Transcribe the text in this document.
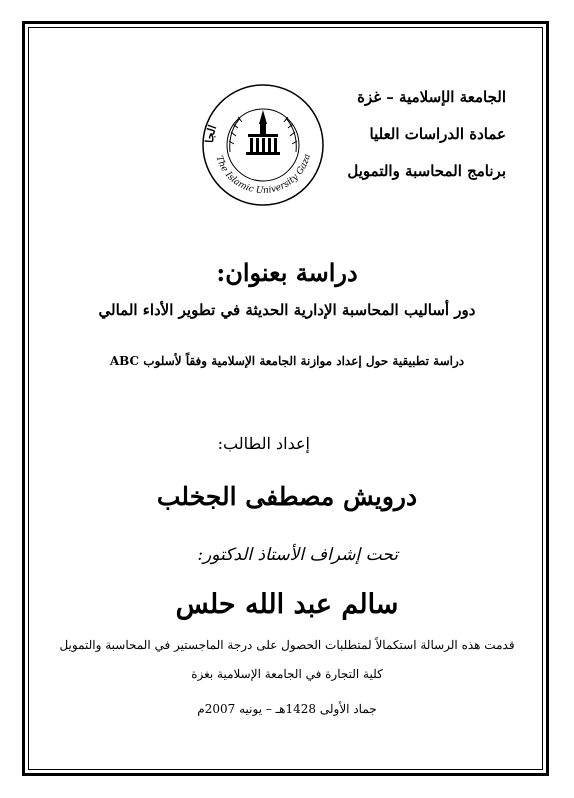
الجامعة الإسلامية – غزة
عمادة الدراسات العليا
برنامج المحاسبة والتمويل
The Islamic University Gaza
الجا
دراسة بعنوان:
دور أساليب المحاسبة الإدارية الحديثة في تطوير الأداء المالي
دراسة تطبيقية حول إعداد موازنة الجامعة الإسلامية وفقاً لأسلوب ABC
إعداد الطالب:
درويش مصطفى الجخلب
تحت إشراف الأستاذ الدكتور:
سالم عبد الله حلس
قدمت هذه الرسالة استكمالاً لمتطلبات الحصول على درجة الماجستير في المحاسبة والتمويل
كلية التجارة في الجامعة الإسلامية بغزة
جماد الأولى 1428هـ – يونيه 2007م
